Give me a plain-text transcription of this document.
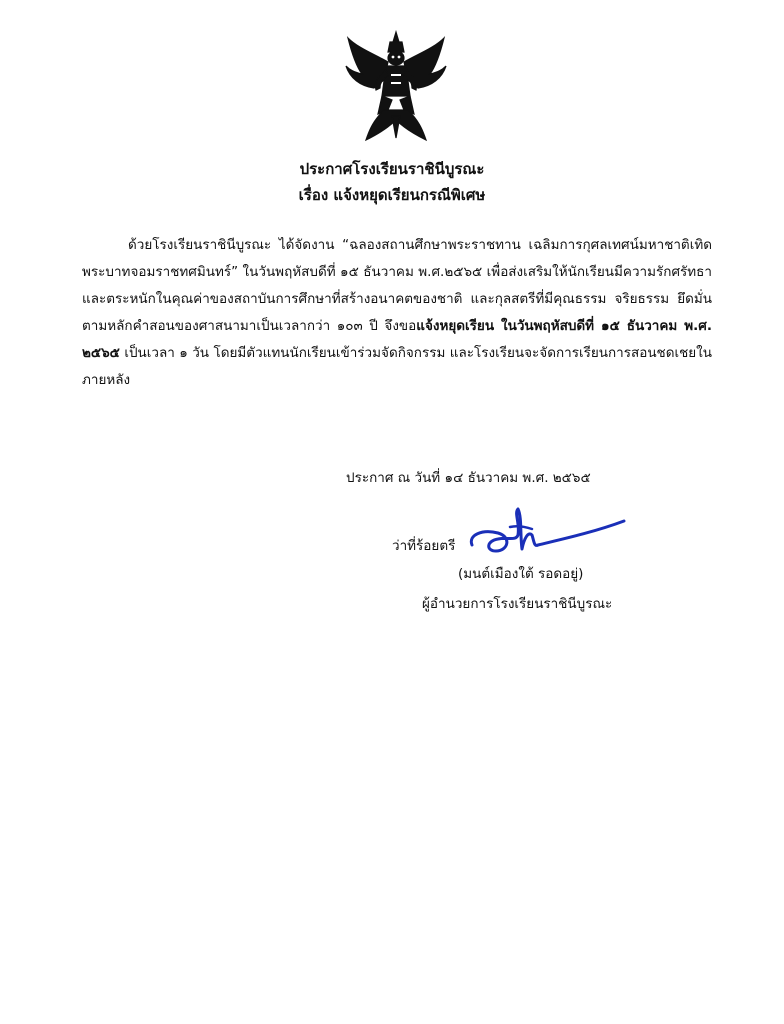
ประกาศโรงเรียนราชินีบูรณะ
เรื่อง แจ้งหยุดเรียนกรณีพิเศษ
ด้วยโรงเรียนราชินีบูรณะ ได้จัดงาน “ฉลองสถานศึกษาพระราชทาน เฉลิมการกุศลเทศน์มหาชาติเทิดพระบาทจอมราชทศมินทร์” ในวันพฤหัสบดีที่ ๑๕ ธันวาคม พ.ศ.๒๕๖๕ เพื่อส่งเสริมให้นักเรียนมีความรักศรัทธาและตระหนักในคุณค่าของสถาบันการศึกษาที่สร้างอนาคตของชาติ และกุลสตรีที่มีคุณธรรม จริยธรรม ยึดมั่นตามหลักคำสอนของศาสนามาเป็นเวลากว่า ๑๐๓ ปี จึงขอแจ้งหยุดเรียน ในวันพฤหัสบดีที่ ๑๕ ธันวาคม พ.ศ. ๒๕๖๕ เป็นเวลา ๑ วัน โดยมีตัวแทนนักเรียนเข้าร่วมจัดกิจกรรม และโรงเรียนจะจัดการเรียนการสอนชดเชยในภายหลัง
ประกาศ ณ วันที่ ๑๔ ธันวาคม พ.ศ. ๒๕๖๕
ว่าที่ร้อยตรี
(มนต์เมืองใต้ รอดอยู่)
ผู้อำนวยการโรงเรียนราชินีบูรณะ
